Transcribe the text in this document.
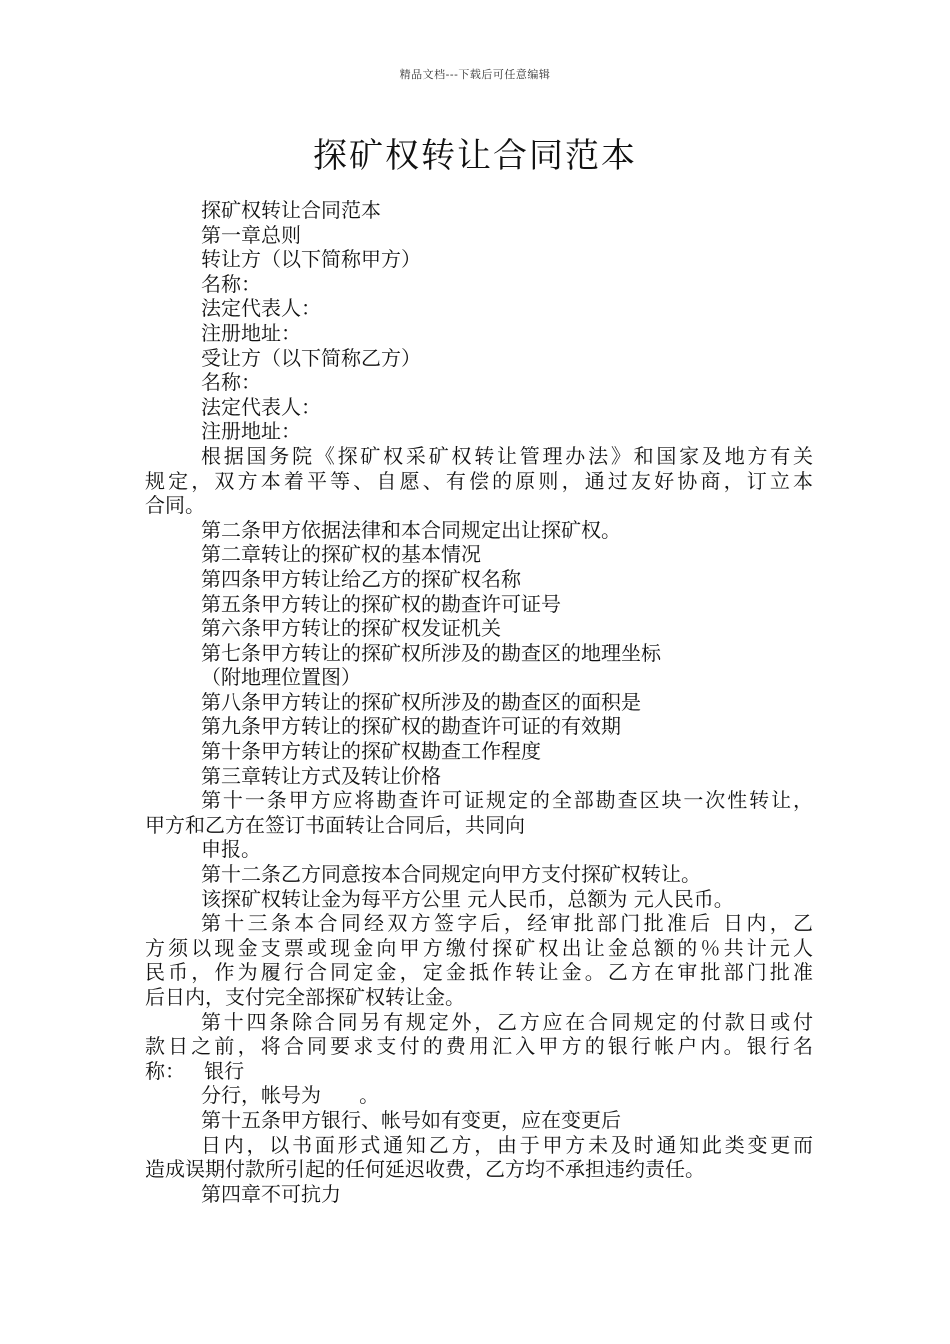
精品文档---下载后可任意编辑
探矿权转让合同范本
探矿权转让合同范本
第一章总则
转让方（以下简称甲方）
名称：
法定代表人：
注册地址：
受让方（以下简称乙方）
名称：
法定代表人：
注册地址：
根据国务院《探矿权采矿权转让管理办法》和国家及地方有关
规定，双方本着平等、自愿、有偿的原则，通过友好协商，订立本
合同。
第二条甲方依据法律和本合同规定出让探矿权。
第二章转让的探矿权的基本情况
第四条甲方转让给乙方的探矿权名称
第五条甲方转让的探矿权的勘查许可证号
第六条甲方转让的探矿权发证机关
第七条甲方转让的探矿权所涉及的勘查区的地理坐标
（附地理位置图）
第八条甲方转让的探矿权所涉及的勘查区的面积是
第九条甲方转让的探矿权的勘查许可证的有效期
第十条甲方转让的探矿权勘查工作程度
第三章转让方式及转让价格
第十一条甲方应将勘查许可证规定的全部勘查区块一次性转让，
甲方和乙方在签订书面转让合同后，共同向
申报。
第十二条乙方同意按本合同规定向甲方支付探矿权转让。
该探矿权转让金为每平方公里 元人民币，总额为 元人民币。
第十三条本合同经双方签字后，经审批部门批准后 日内，乙
方须以现金支票或现金向甲方缴付探矿权出让金总额的％共计元人
民币，作为履行合同定金，定金抵作转让金。乙方在审批部门批准
后日内，支付完全部探矿权转让金。
第十四条除合同另有规定外，乙方应在合同规定的付款日或付
款日之前，将合同要求支付的费用汇入甲方的银行帐户内。银行名
称：   银行
分行，帐号为      。
第十五条甲方银行、帐号如有变更，应在变更后
日内，以书面形式通知乙方，由于甲方未及时通知此类变更而
造成误期付款所引起的任何延迟收费，乙方均不承担违约责任。
第四章不可抗力
